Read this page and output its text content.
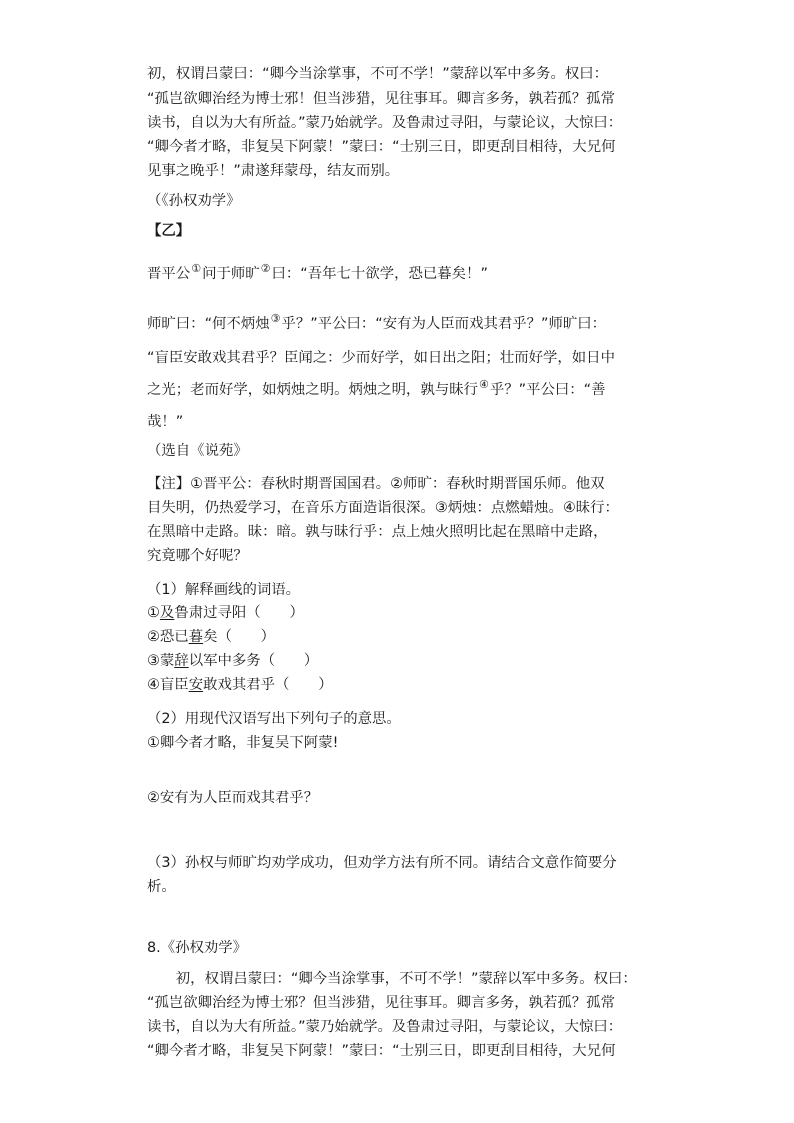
初，权谓吕蒙曰：“卿今当涂掌事，不可不学！”蒙辞以军中多务。权曰：
“孤岂欲卿治经为博士邪！但当涉猎，见往事耳。卿言多务，孰若孤？孤常
读书，自以为大有所益。”蒙乃始就学。及鲁肃过寻阳，与蒙论议，大惊曰：
“卿今者才略，非复吴下阿蒙！”蒙曰：“士别三日，即更刮目相待，大兄何
见事之晚乎！”肃遂拜蒙母，结友而别。
（《孙权劝学》
【乙】
晋平公①问于师旷②曰：“吾年七十欲学，恐已暮矣！”
师旷曰：“何不炳烛③乎？”平公曰：“安有为人臣而戏其君乎？”师旷曰：
“盲臣安敢戏其君乎？臣闻之：少而好学，如日出之阳；壮而好学，如日中
之光；老而好学，如炳烛之明。炳烛之明，孰与昧行④乎？”平公曰：“善
哉！”
（选自《说苑》
【注】①晋平公：春秋时期晋国国君。②师旷：春秋时期晋国乐师。他双
目失明，仍热爱学习，在音乐方面造诣很深。③炳烛：点燃蜡烛。④昧行：
在黑暗中走路。昧：暗。孰与昧行乎：点上烛火照明比起在黑暗中走路，
究竟哪个好呢？
（1）解释画线的词语。
①及鲁肃过寻阳（　　）
②恐已暮矣（　　）
③蒙辞以军中多务（　　）
④盲臣安敢戏其君乎（　　）
（2）用现代汉语写出下列句子的意思。
①卿今者才略，非复吴下阿蒙!
②安有为人臣而戏其君乎？
（3）孙权与师旷均劝学成功，但劝学方法有所不同。请结合文意作简要分
析。
8.《孙权劝学》
　　初，权谓吕蒙曰：“卿今当涂掌事，不可不学！”蒙辞以军中多务。权曰：
“孤岂欲卿治经为博士邪？但当涉猎，见往事耳。卿言多务，孰若孤？孤常
读书，自以为大有所益。”蒙乃始就学。及鲁肃过寻阳，与蒙论议，大惊曰：
“卿今者才略，非复吴下阿蒙！”蒙曰：“士别三日，即更刮目相待，大兄何
